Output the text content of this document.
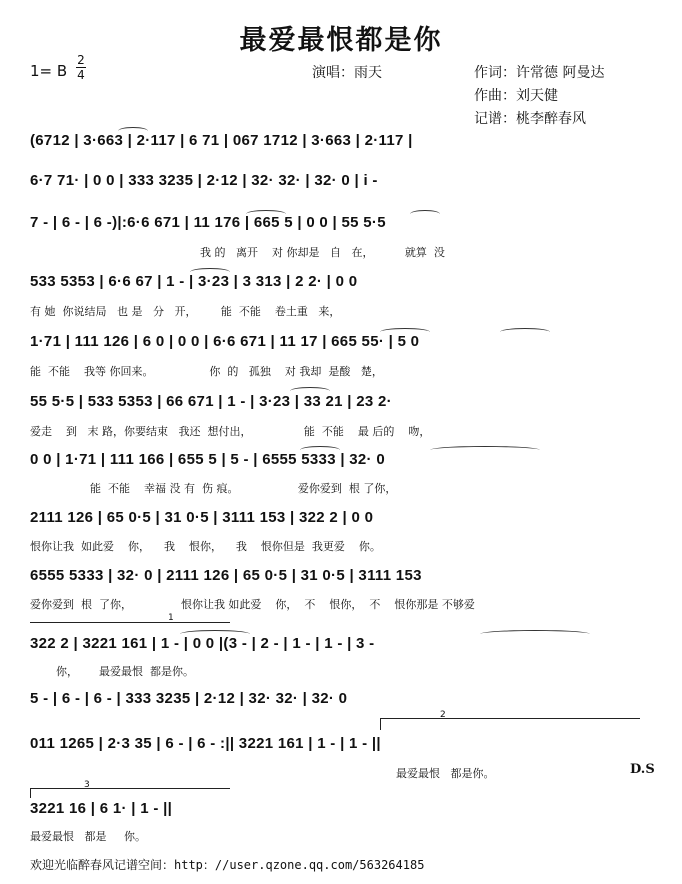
最爱最恨都是你
1= B
2
4	演唱：雨天	作词：许常德 阿曼达
作曲：刘天健
记谱：桃李醉春风
(6712 | 3·663 | 2·117 | 6 71 | 067 1712 | 3·663 | 2·117 |
6·7 71· | 0 0 | 333 3235 | 2·12 | 32· 32· | 32· 0 | i -
7 - | 6 - | 6 -)|:6·6 671 | 11 176 | 665 5 | 0 0 | 55 5·5
我 的   离开    对 你却是   自   在，         就算  没
533 5353 | 6·6 67 | 1 - | 3·23 | 3 313 | 2 2· | 0 0
有 她  你说结局   也 是   分   开，       能  不能    卷土重   来，
1·71 | 111 126 | 6 0 | 0 0 | 6·6 671 | 11 17 | 665 55· | 5 0
能  不能    我等 你回来。                你  的   孤独    对 我却  是酸   楚，
55 5·5 | 533 5353 | 66 671 | 1 - | 3·23 | 33 21 | 23 2·
爱走    到   末 路，你要结束   我还  想付出，               能  不能    最 后的    吻，
0 0 | 1·71 | 111 166 | 655 5 | 5 - | 6555 5333 | 32· 0
能  不能    幸福 没 有  伤 痕。                 爱你爱到  根 了你，
2111 126 | 65 0·5 | 31 0·5 | 3111 153 | 322 2 | 0 0
恨你让我  如此爱    你，    我    恨你，    我    恨你但是  我更爱    你。
6555 5333 | 32· 0 | 2111 126 | 65 0·5 | 31 0·5 | 3111 153
爱你爱到  根  了你，              恨你让我 如此爱    你，  不    恨你，  不    恨你那是 不够爱
1
322 2 | 3221 161 | 1 - | 0 0 |(3 - | 2 - | 1 - | 1 - | 3 -
你，      最爱最恨  都是你。
5 - | 6 - | 6 - | 333 3235 | 2·12 | 32· 32· | 32· 0
2
011 1265 | 2·3 35 | 6 - | 6 - :|| 3221 161 | 1 - | 1 - ||
最爱最恨   都是你。	D.S
3
3221 16 | 6 1· | 1 - ||
最爱最恨   都是     你。
欢迎光临醉春风记谱空间：http：//user.qzone.qq.com/563264185
